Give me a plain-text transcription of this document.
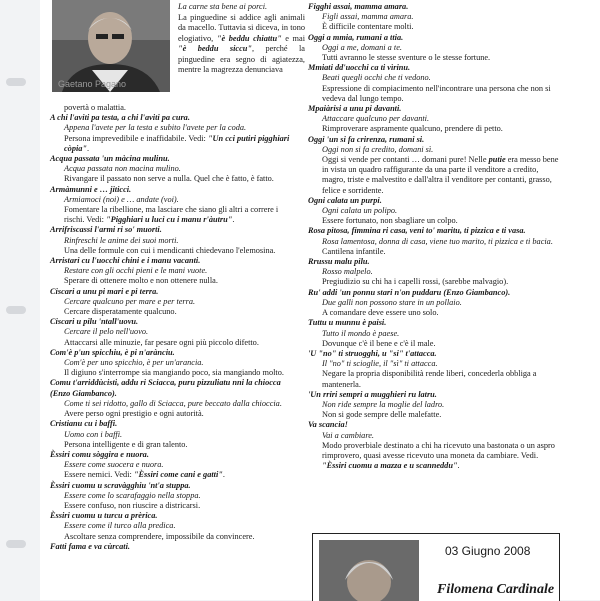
Gaetano Pagano

La carne sta bene ai porci.

La pinguedine si addice agli animali da macello. Tuttavia si diceva, in tono elogiativo, "è beddu chiattu" e mai "è beddu siccu", perché la pinguedine era segno di agiatezza, mentre la magrezza denunciava

povertà o malattia.
A chi l'aviti pa testa, a chi l'aviti pa cura.
Appena l'avete per la testa e subito l'avete per la coda.
Persona imprevedibile e inaffidabile. Vedi: "Un cci putiri pigghiari còpia".
Acqua passata 'un màcina mulinu.
Acqua passata non macina mulino.
Rivangare il passato non serve a nulla. Quel che è fatto, è fatto.
Armàmunni e … jiticci.
Armiamoci (noi) e … andate (voi).
Fomentare la ribellione, ma lasciare che siano gli altri a correre i rischi. Vedi: "Pigghiari u luci cu i manu r'àutru".
Arrifriscassi l'armi ri so' muorti.
Rinfreschi le anime dei suoi morti.
Una delle formule con cui i mendicanti chiedevano l'elemosina.
Arristari cu l'uocchi chini e i manu vacanti.
Restare con gli occhi pieni e le mani vuote.
Sperare di ottenere molto e non ottenere nulla.
Ciscari a unu pi mari e pi terra.
Cercare qualcuno per mare e per terra.
Cercare disperatamente qualcuno.
Ciscari u pilu 'ntall'uovu.
Cercare il pelo nell'uovo.
Attaccarsi alle minuzie, far pesare ogni più piccolo difetto.
Com'è p'un spicchiu, è pi n'arànciu.
Com'è per uno spicchio, è per un'arancia.
Il digiuno s'interrompe sia mangiando poco, sia mangiando molto.
Comu t'arriddùcisti, addu ri Sciacca, puru pizzuliatu nni la chiocca (Enzo Giambanco).
Come ti sei ridotto, gallo di Sciacca, pure beccato dalla chioccia.
Avere perso ogni prestigio e ogni autorità.
Cristianu cu i baffi.
Uomo con i baffi.
Persona intelligente e di gran talento.
Èssiri comu sòggira e nuora.
Essere come suocera e nuora.
Essere nemici. Vedi: "Èssiri come cani e gatti".
Èssiri cuomu u scravàgghiu 'nt'a stuppa.
Essere come lo scarafaggio nella stoppa.
Essere confuso, non riuscire a districarsi.
Èssiri cuomu u turcu a prèrica.
Essere come il turco alla predica.
Ascoltare senza comprendere, impossibile da convincere.
Fatti fama e va cùrcati.
Figghi assai, mamma amara.
Figli assai, mamma amara.
È difficile contentare molti.
Oggi a mmia, rumani a ttia.
Oggi a me, domani a te.
Tutti avranno le stesse sventure o le stesse fortune.
Mmiati dd'uocchi ca ti vìrinu.
Beati quegli occhi che ti vedono.
Espressione di compiacimento nell'incontrare una persona che non si vedeva dal lungo tempo.
Mpaiàrisi a unu pi davanti.
Attaccare qualcuno per davanti.
Rimproverare aspramente qualcuno, prendere di petto.
Oggi 'un si fa crirenza, rumani si.
Oggi non si fa credito, domani sì.
Oggi si vende per contanti … domani pure! Nelle putie era messo bene in vista un quadro raffigurante da una parte il venditore a credito, magro, triste e malvestito e dall'altra il venditore per contanti, grasso, felice e sorridente.
Ogni calata un purpi.
Ogni calata un polipo.
Essere fortunato, non sbagliare un colpo.
Rosa pitosa, fimmina ri casa, veni to' maritu, ti pizzica e ti vasa.
Rosa lamentosa, donna di casa, viene tuo marito, ti pizzica e ti bacia.
Cantilena infantile.
Rrussu malu pilu.
Rosso malpelo.
Pregiudizio su chi ha i capelli rossi, (sarebbe malvagio).
Ru' addi 'un ponnu stari n'on puddaru (Enzo Giambanco).
Due galli non possono stare in un pollaio.
A comandare deve essere uno solo.
Tuttu u munnu è paisi.
Tutto il mondo è paese.
Dovunque c'è il bene e c'è il male.
'U "no" ti struogghi, u "si" t'attacca.
Il "no" ti scioglie, il "sì" ti attacca.
Negare la propria disponibilità rende liberi, concederla obbliga a mantenerla.
'Un rriri sempri a mugghieri ru latru.
Non ride sempre la moglie del ladro.
Non si gode sempre delle malefatte.
Va scancia!
Vai a cambiare.
Modo proverbiale destinato a chi ha ricevuto una bastonata o un aspro rimprovero, quasi avesse ricevuto una moneta da cambiare. Vedi. "Èssiri cuomu a mazza e u scanneddu".
03 Giugno 2008
Filomena Cardinale
